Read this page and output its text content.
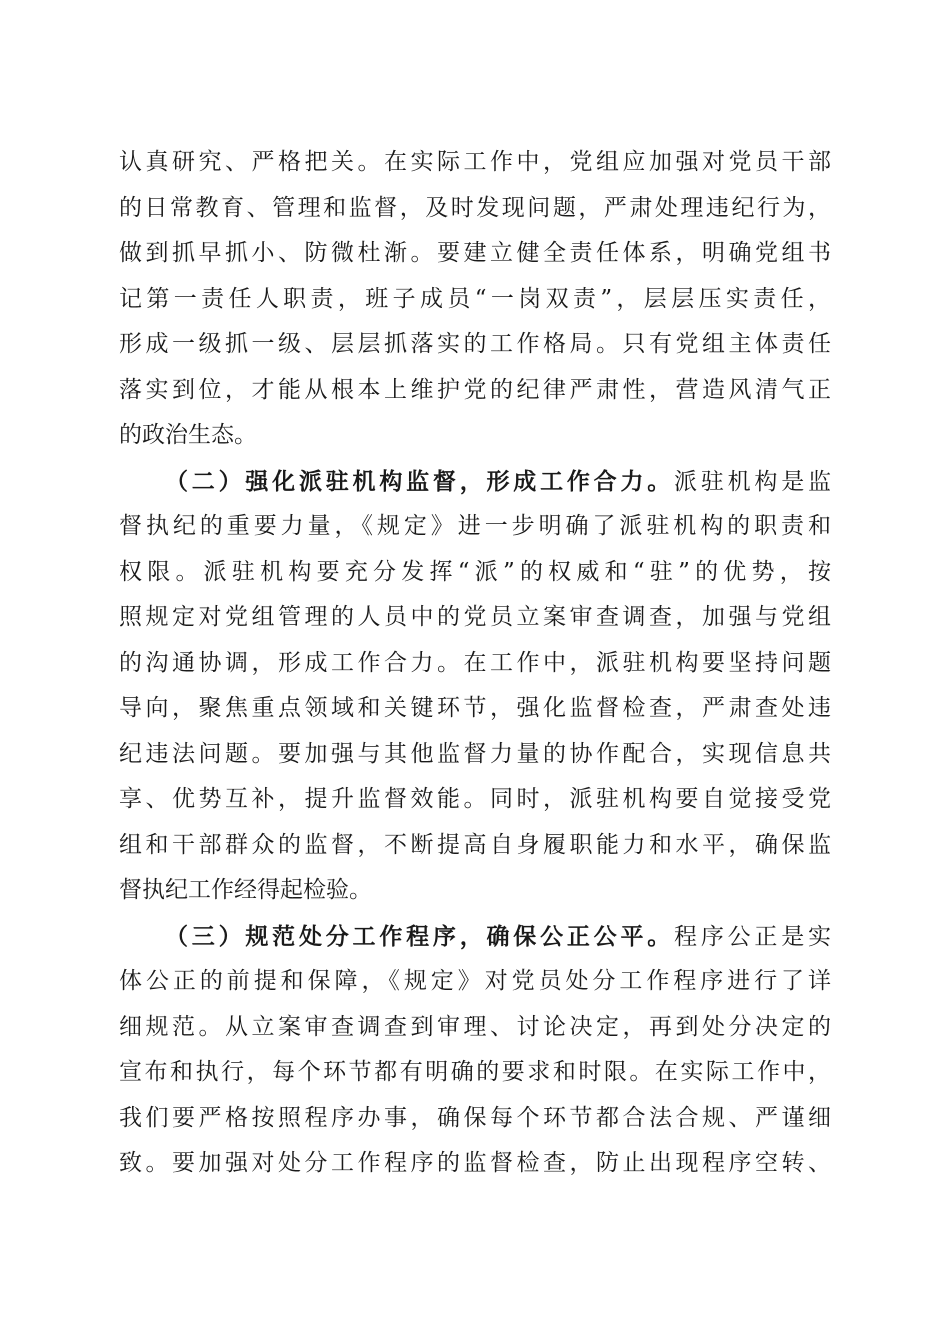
认真研究、严格把关。在实际工作中，党组应加强对党员干部
的日常教育、管理和监督，及时发现问题，严肃处理违纪行为，
做到抓早抓小、防微杜渐。要建立健全责任体系，明确党组书
记第一责任人职责，班子成员“一岗双责”，层层压实责任，
形成一级抓一级、层层抓落实的工作格局。只有党组主体责任
落实到位，才能从根本上维护党的纪律严肃性，营造风清气正
的政治生态。
（二）强化派驻机构监督，形成工作合力。派驻机构是监
督执纪的重要力量，《规定》进一步明确了派驻机构的职责和
权限。派驻机构要充分发挥“派”的权威和“驻”的优势，按
照规定对党组管理的人员中的党员立案审查调查，加强与党组
的沟通协调，形成工作合力。在工作中，派驻机构要坚持问题
导向，聚焦重点领域和关键环节，强化监督检查，严肃查处违
纪违法问题。要加强与其他监督力量的协作配合，实现信息共
享、优势互补，提升监督效能。同时，派驻机构要自觉接受党
组和干部群众的监督，不断提高自身履职能力和水平，确保监
督执纪工作经得起检验。
（三）规范处分工作程序，确保公正公平。程序公正是实
体公正的前提和保障，《规定》对党员处分工作程序进行了详
细规范。从立案审查调查到审理、讨论决定，再到处分决定的
宣布和执行，每个环节都有明确的要求和时限。在实际工作中，
我们要严格按照程序办事，确保每个环节都合法合规、严谨细
致。要加强对处分工作程序的监督检查，防止出现程序空转、
